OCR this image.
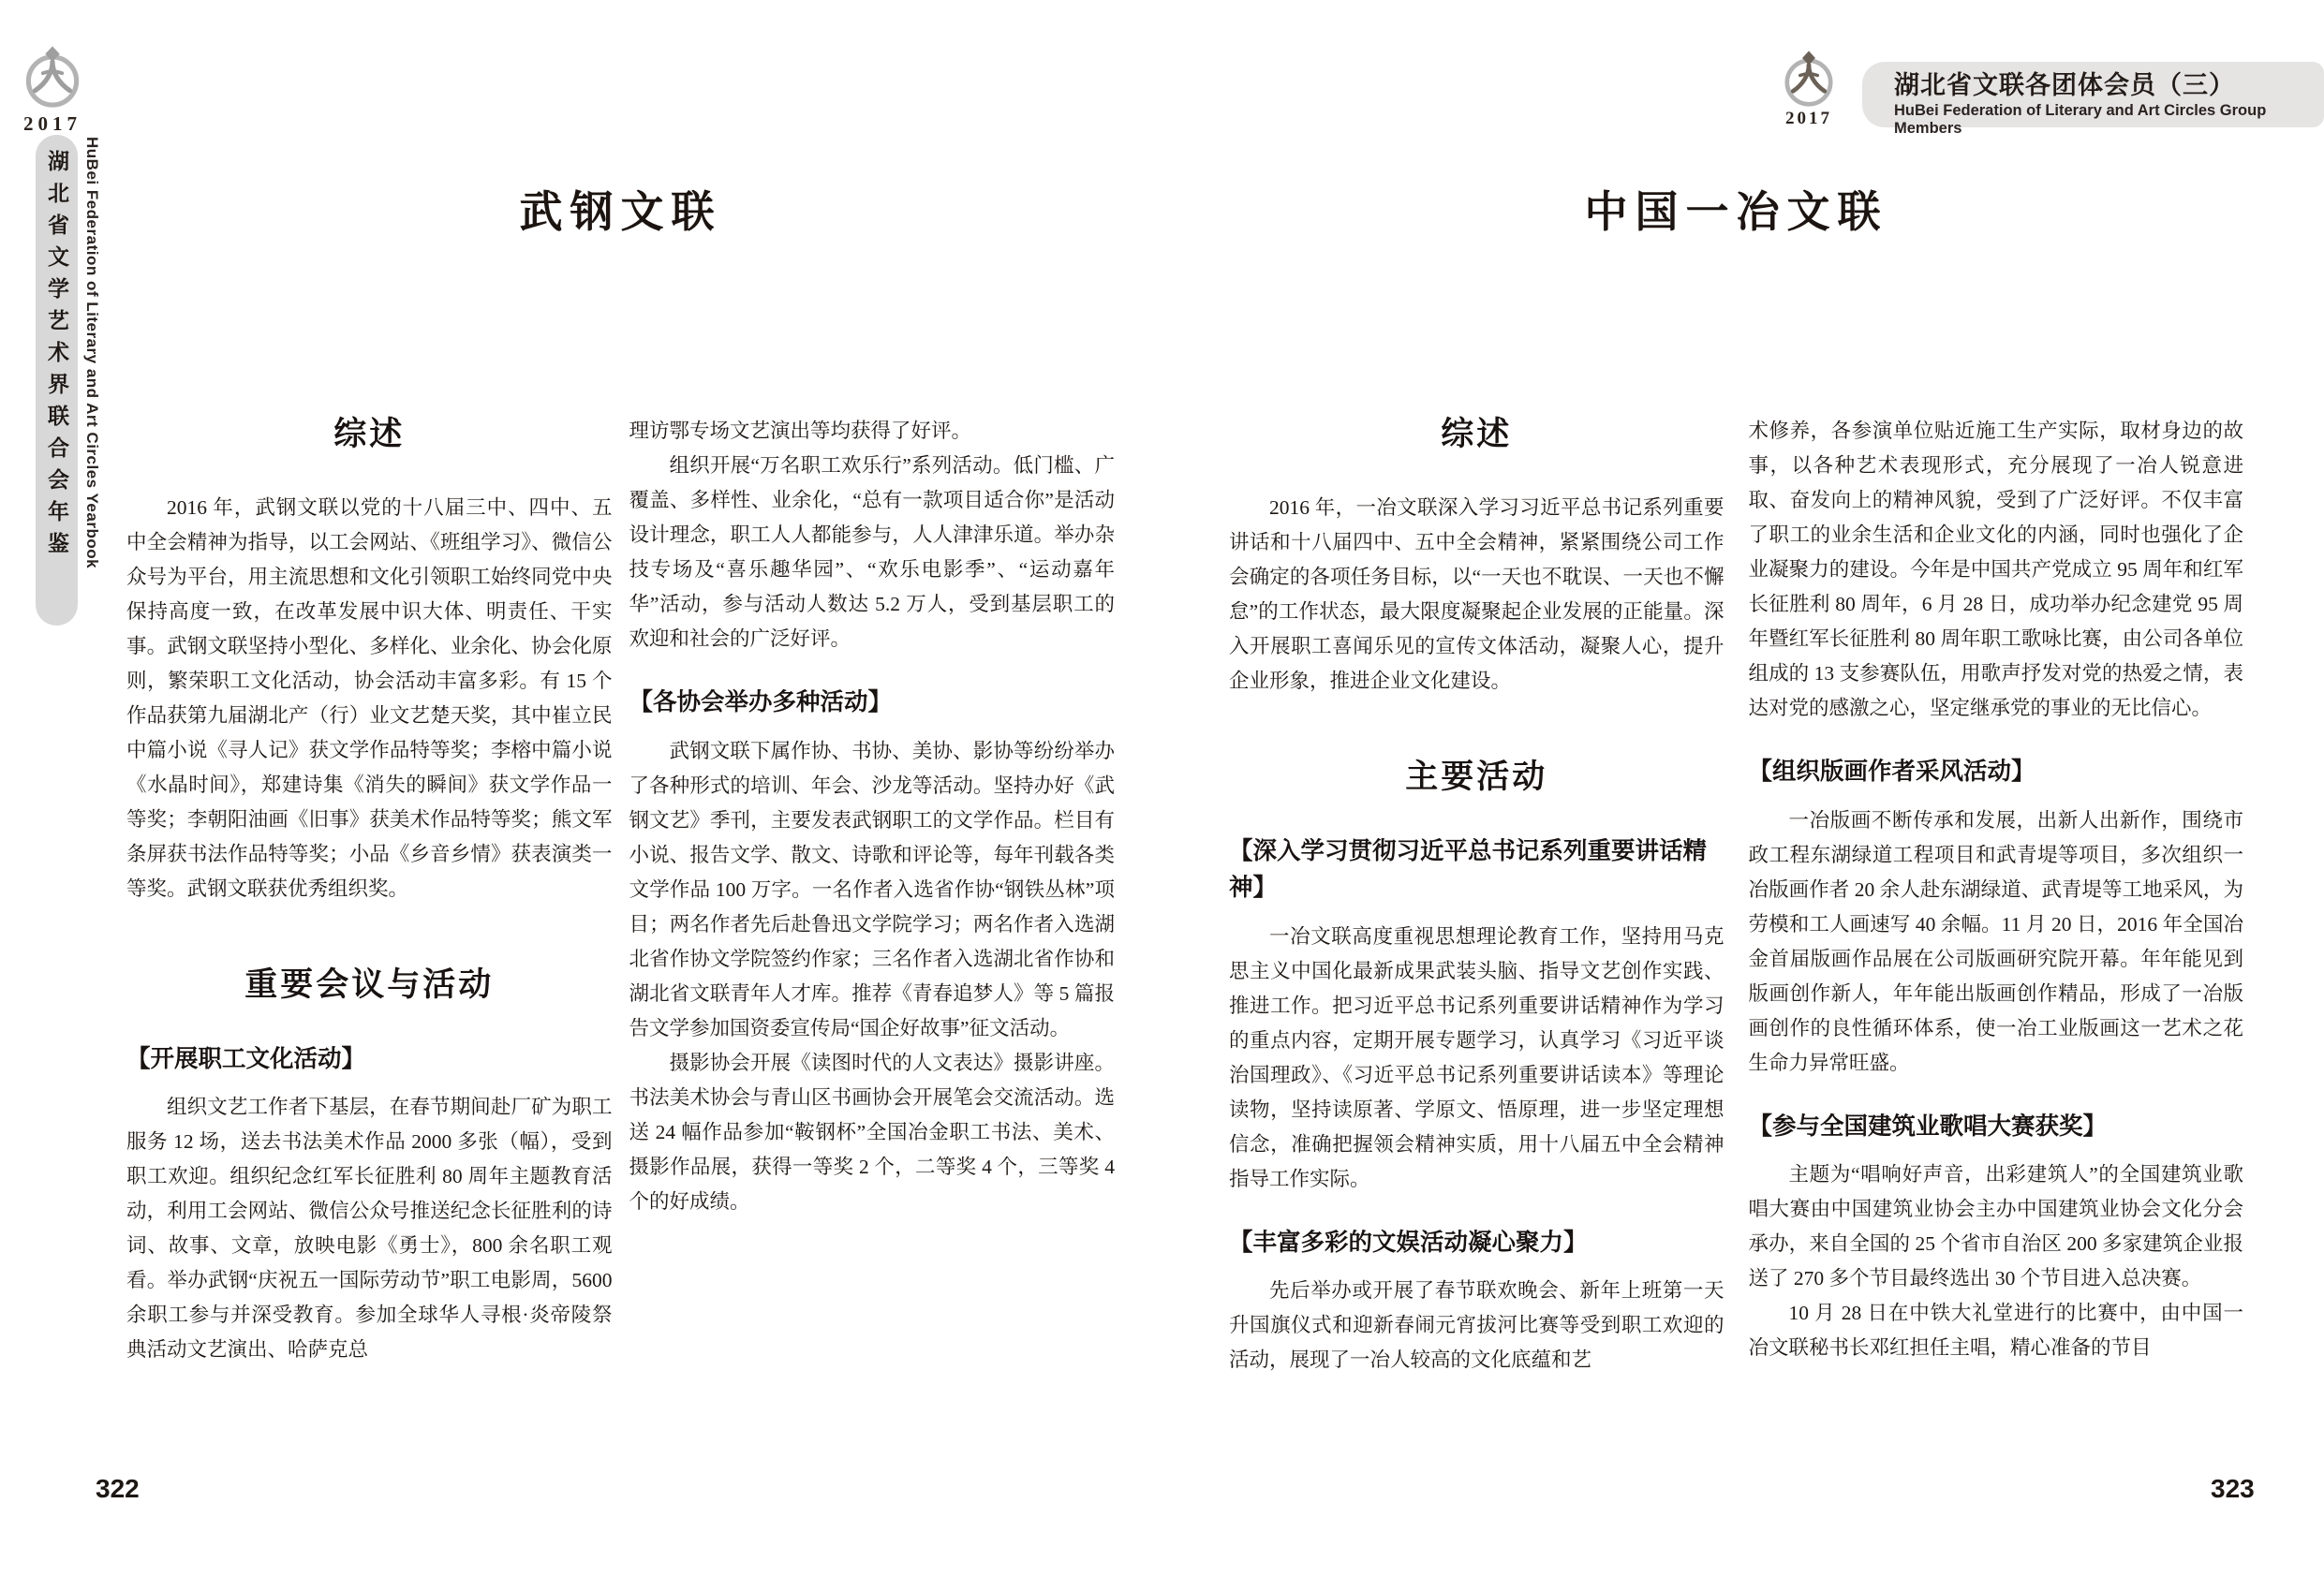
2017
湖北省文学艺术界联合会年鉴 HuBei Federation of Literary and Art Circles Yearbook
2017
湖北省文联各团体会员（三）
HuBei Federation of Literary and Art Circles Group Members
武钢文联
综述

2016 年，武钢文联以党的十八届三中、四中、五中全会精神为指导，以工会网站、《班组学习》、微信公众号为平台，用主流思想和文化引领职工始终同党中央保持高度一致，在改革发展中识大体、明责任、干实事。武钢文联坚持小型化、多样化、业余化、协会化原则，繁荣职工文化活动，协会活动丰富多彩。有 15 个作品获第九届湖北产（行）业文艺楚天奖，其中崔立民中篇小说《寻人记》获文学作品特等奖；李榕中篇小说《水晶时间》，郑建诗集《消失的瞬间》获文学作品一等奖；李朝阳油画《旧事》获美术作品特等奖；熊文军条屏获书法作品特等奖；小品《乡音乡情》获表演类一等奖。武钢文联获优秀组织奖。

重要会议与活动
【开展职工文化活动】

组织文艺工作者下基层，在春节期间赴厂矿为职工服务 12 场，送去书法美术作品 2000 多张（幅），受到职工欢迎。组织纪念红军长征胜利 80 周年主题教育活动，利用工会网站、微信公众号推送纪念长征胜利的诗词、故事、文章，放映电影《勇士》，800 余名职工观看。举办武钢“庆祝五一国际劳动节”职工电影周，5600 余职工参与并深受教育。参加全球华人寻根·炎帝陵祭典活动文艺演出、哈萨克总

理访鄂专场文艺演出等均获得了好评。

组织开展“万名职工欢乐行”系列活动。低门槛、广覆盖、多样性、业余化，“总有一款项目适合你”是活动设计理念，职工人人都能参与，人人津津乐道。举办杂技专场及“喜乐趣华园”、“欢乐电影季”、“运动嘉年华”活动，参与活动人数达 5.2 万人，受到基层职工的欢迎和社会的广泛好评。

【各协会举办多种活动】

武钢文联下属作协、书协、美协、影协等纷纷举办了各种形式的培训、年会、沙龙等活动。坚持办好《武钢文艺》季刊，主要发表武钢职工的文学作品。栏目有小说、报告文学、散文、诗歌和评论等，每年刊载各类文学作品 100 万字。一名作者入选省作协“钢铁丛林”项目；两名作者先后赴鲁迅文学院学习；两名作者入选湖北省作协文学院签约作家；三名作者入选湖北省作协和湖北省文联青年人才库。推荐《青春追梦人》等 5 篇报告文学参加国资委宣传局“国企好故事”征文活动。

摄影协会开展《读图时代的人文表达》摄影讲座。书法美术协会与青山区书画协会开展笔会交流活动。选送 24 幅作品参加“鞍钢杯”全国冶金职工书法、美术、摄影作品展，获得一等奖 2 个，二等奖 4 个，三等奖 4 个的好成绩。

322
中国一冶文联
综述

2016 年，一冶文联深入学习习近平总书记系列重要讲话和十八届四中、五中全会精神，紧紧围绕公司工作会确定的各项任务目标，以“一天也不耽误、一天也不懈怠”的工作状态，最大限度凝聚起企业发展的正能量。深入开展职工喜闻乐见的宣传文体活动，凝聚人心，提升企业形象，推进企业文化建设。

主要活动
【深入学习贯彻习近平总书记系列重要讲话精神】

一冶文联高度重视思想理论教育工作，坚持用马克思主义中国化最新成果武装头脑、指导文艺创作实践、推进工作。把习近平总书记系列重要讲话精神作为学习的重点内容，定期开展专题学习，认真学习《习近平谈治国理政》、《习近平总书记系列重要讲话读本》等理论读物，坚持读原著、学原文、悟原理，进一步坚定理想信念，准确把握领会精神实质，用十八届五中全会精神指导工作实际。

【丰富多彩的文娱活动凝心聚力】

先后举办或开展了春节联欢晚会、新年上班第一天升国旗仪式和迎新春闹元宵拔河比赛等受到职工欢迎的活动，展现了一冶人较高的文化底蕴和艺

术修养，各参演单位贴近施工生产实际，取材身边的故事，以各种艺术表现形式，充分展现了一冶人锐意进取、奋发向上的精神风貌，受到了广泛好评。不仅丰富了职工的业余生活和企业文化的内涵，同时也强化了企业凝聚力的建设。今年是中国共产党成立 95 周年和红军长征胜利 80 周年，6 月 28 日，成功举办纪念建党 95 周年暨红军长征胜利 80 周年职工歌咏比赛，由公司各单位组成的 13 支参赛队伍，用歌声抒发对党的热爱之情，表达对党的感激之心，坚定继承党的事业的无比信心。

【组织版画作者采风活动】

一冶版画不断传承和发展，出新人出新作，围绕市政工程东湖绿道工程项目和武青堤等项目，多次组织一冶版画作者 20 余人赴东湖绿道、武青堤等工地采风，为劳模和工人画速写 40 余幅。11 月 20 日，2016 年全国冶金首届版画作品展在公司版画研究院开幕。年年能见到版画创作新人，年年能出版画创作精品，形成了一冶版画创作的良性循环体系，使一冶工业版画这一艺术之花生命力异常旺盛。

【参与全国建筑业歌唱大赛获奖】

主题为“唱响好声音，出彩建筑人”的全国建筑业歌唱大赛由中国建筑业协会主办中国建筑业协会文化分会承办，来自全国的 25 个省市自治区 200 多家建筑企业报送了 270 多个节目最终选出 30 个节目进入总决赛。

10 月 28 日在中铁大礼堂进行的比赛中，由中国一冶文联秘书长邓红担任主唱，精心准备的节目

323
